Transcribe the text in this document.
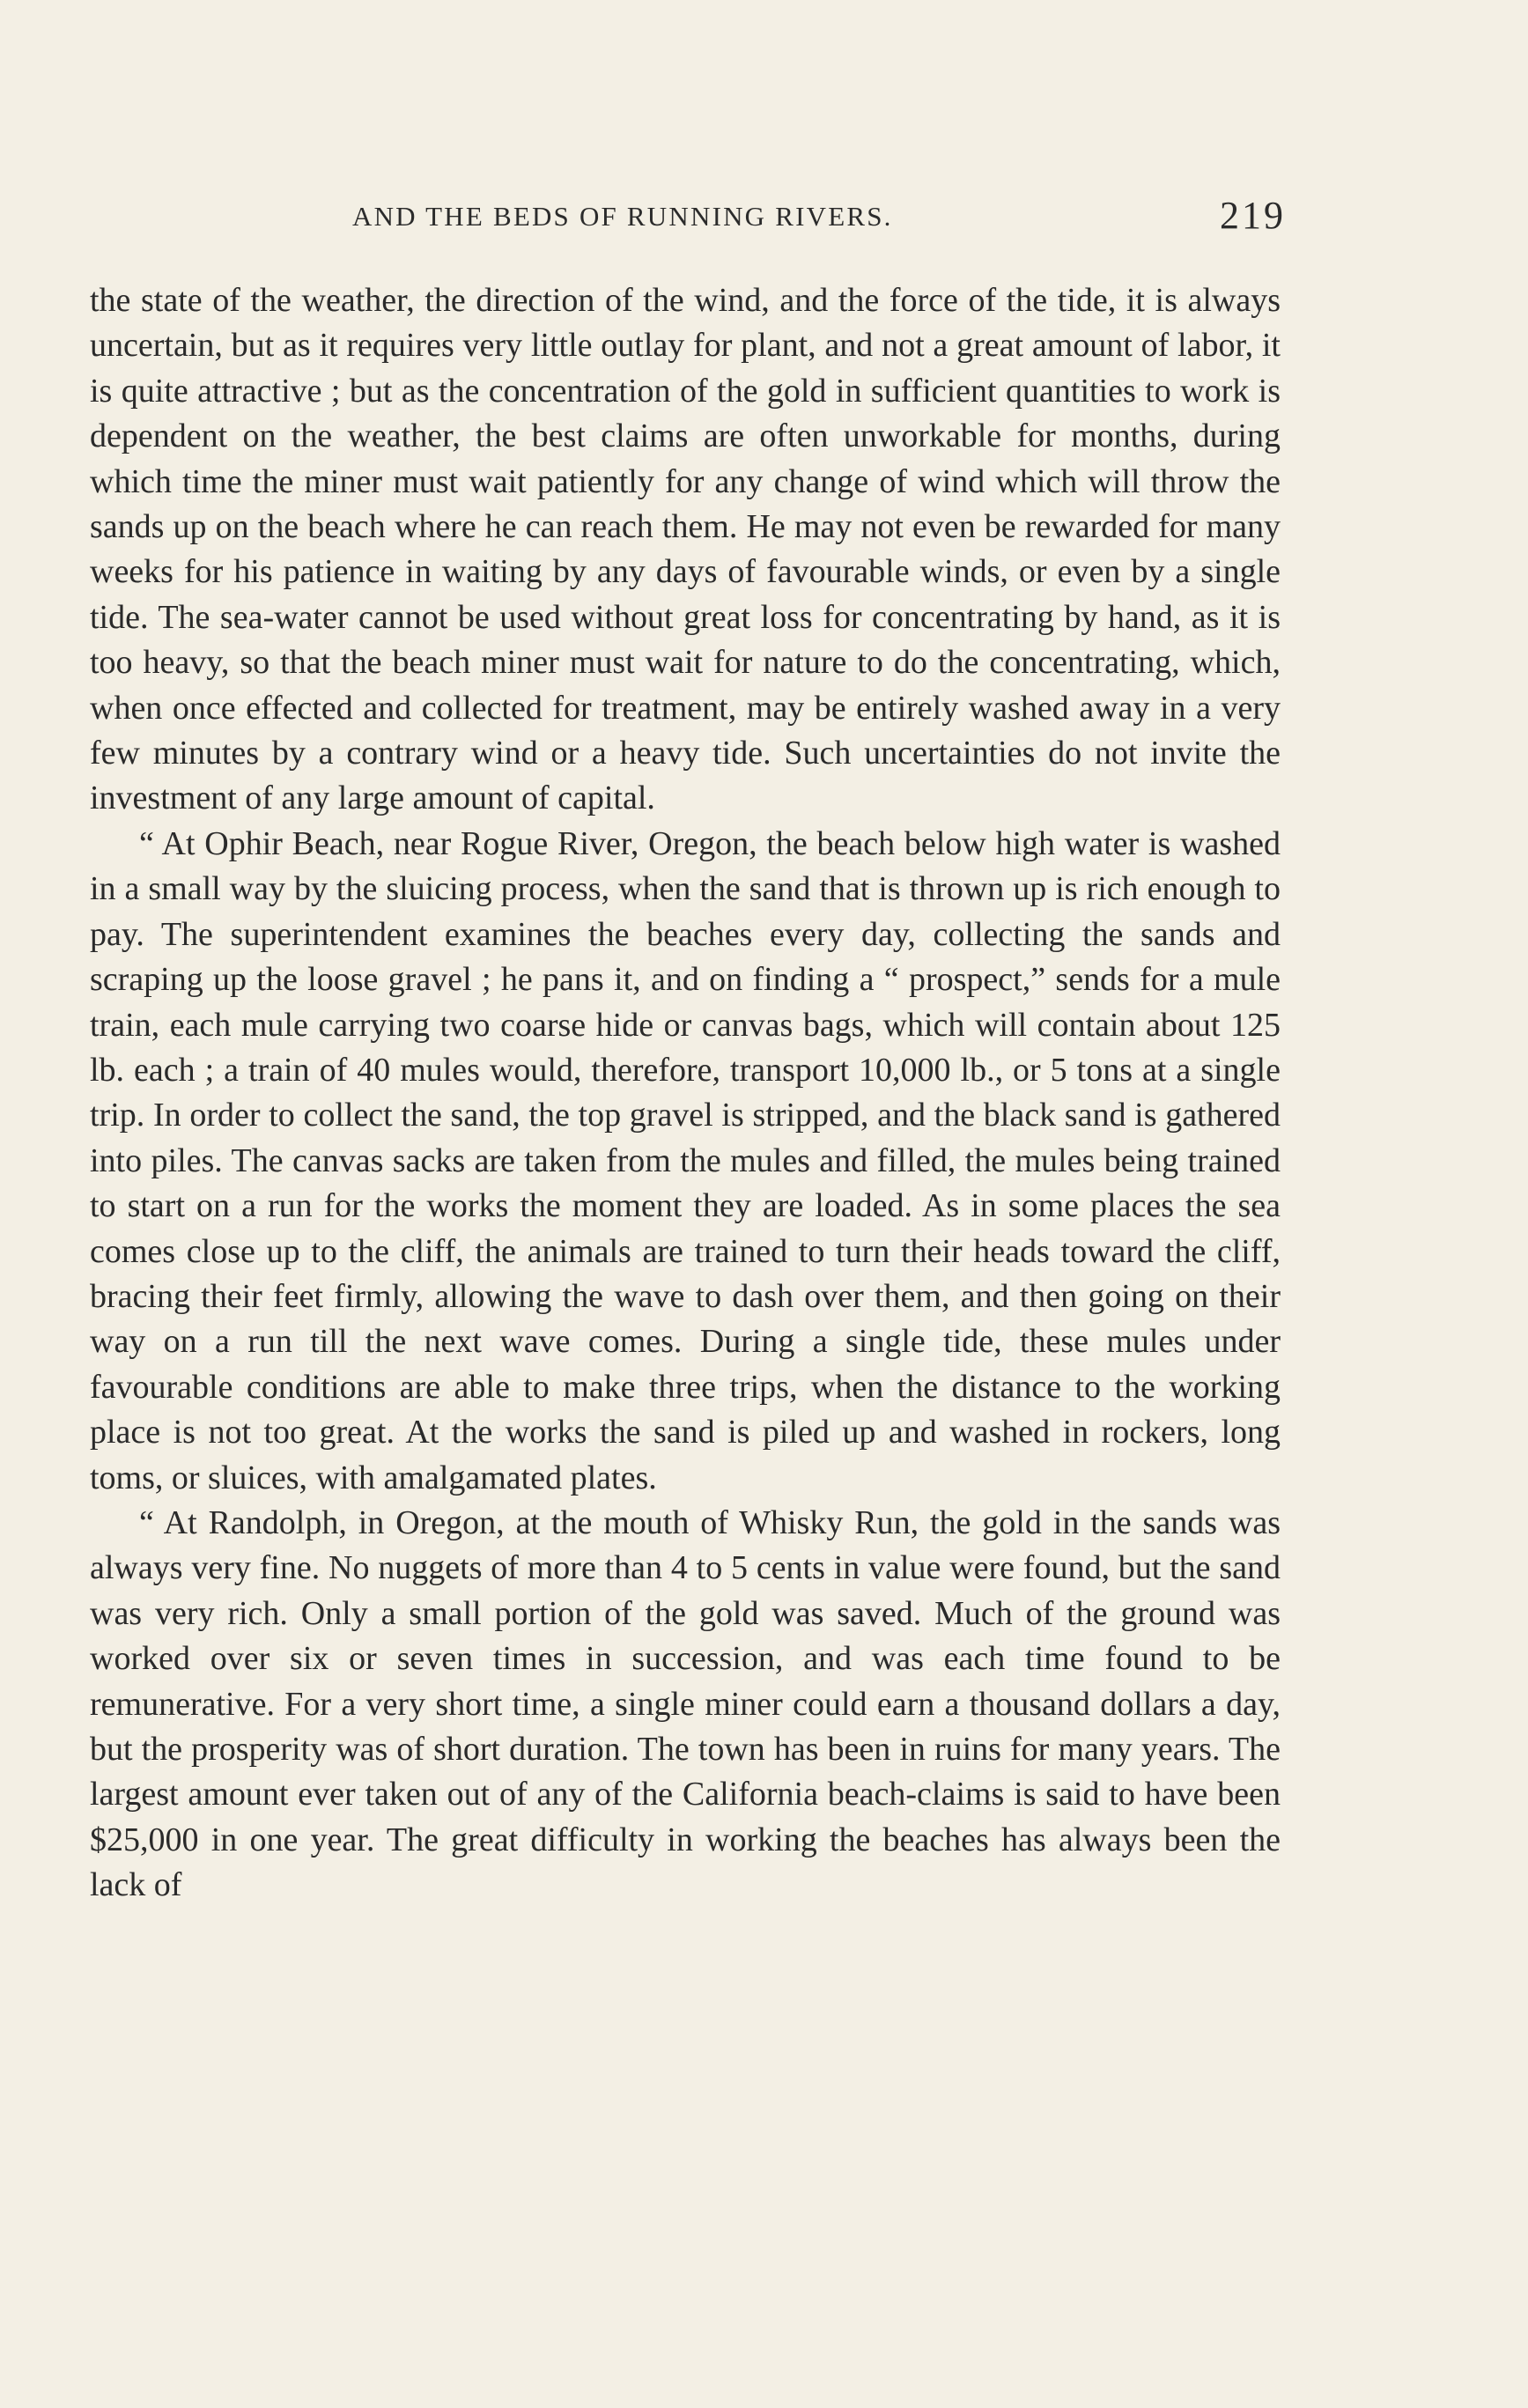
AND THE BEDS OF RUNNING RIVERS.	219

the state of the weather, the direction of the wind, and the force of the tide, it is always uncertain, but as it requires very little outlay for plant, and not a great amount of labor, it is quite attractive ; but as the concentration of the gold in sufficient quantities to work is dependent on the weather, the best claims are often unworkable for months, during which time the miner must wait patiently for any change of wind which will throw the sands up on the beach where he can reach them. He may not even be rewarded for many weeks for his patience in waiting by any days of favourable winds, or even by a single tide. The sea-water cannot be used without great loss for concentrating by hand, as it is too heavy, so that the beach miner must wait for nature to do the concentrating, which, when once effected and collected for treatment, may be entirely washed away in a very few minutes by a contrary wind or a heavy tide. Such uncertainties do not invite the investment of any large amount of capital.

“ At Ophir Beach, near Rogue River, Oregon, the beach below high water is washed in a small way by the sluicing process, when the sand that is thrown up is rich enough to pay. The superintendent examines the beaches every day, collecting the sands and scraping up the loose gravel ; he pans it, and on finding a “ prospect,” sends for a mule train, each mule carrying two coarse hide or canvas bags, which will contain about 125 lb. each ; a train of 40 mules would, therefore, transport 10,000 lb., or 5 tons at a single trip. In order to collect the sand, the top gravel is stripped, and the black sand is gathered into piles. The canvas sacks are taken from the mules and filled, the mules being trained to start on a run for the works the moment they are loaded. As in some places the sea comes close up to the cliff, the animals are trained to turn their heads toward the cliff, bracing their feet firmly, allowing the wave to dash over them, and then going on their way on a run till the next wave comes. During a single tide, these mules under favourable conditions are able to make three trips, when the distance to the working place is not too great. At the works the sand is piled up and washed in rockers, long toms, or sluices, with amalgamated plates.

“ At Randolph, in Oregon, at the mouth of Whisky Run, the gold in the sands was always very fine. No nuggets of more than 4 to 5 cents in value were found, but the sand was very rich. Only a small portion of the gold was saved. Much of the ground was worked over six or seven times in succession, and was each time found to be remunerative. For a very short time, a single miner could earn a thousand dollars a day, but the prosperity was of short duration. The town has been in ruins for many years. The largest amount ever taken out of any of the California beach-claims is said to have been $25,000 in one year. The great difficulty in working the beaches has always been the lack of
